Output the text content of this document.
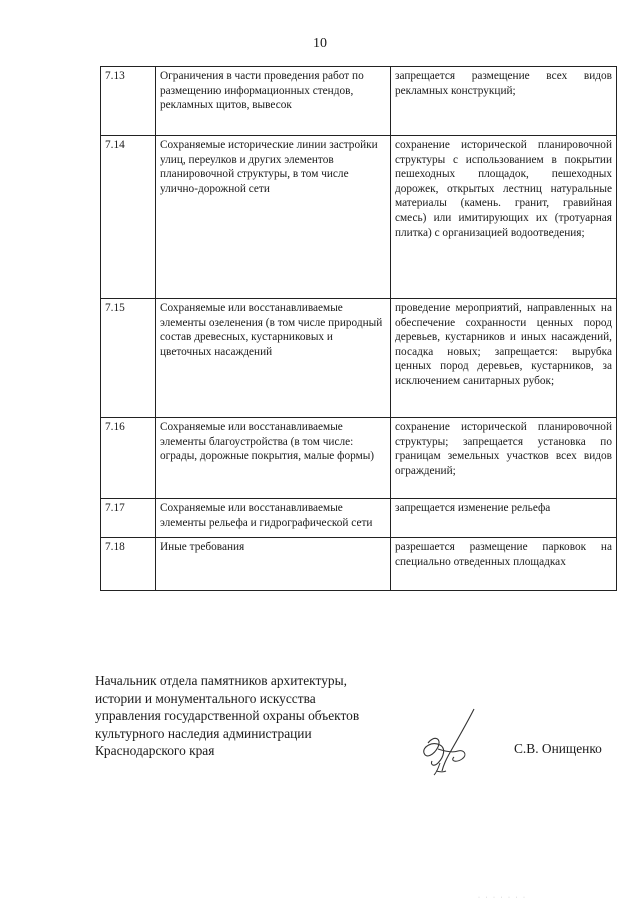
10
7.13	Ограничения в части проведения работ по размещению информационных стендов, рекламных щитов, вывесок	запрещается размещение всех видов рекламных конструкций;
7.14	Сохраняемые исторические линии застройки улиц, переулков и других элементов планировочной структуры, в том числе улично-дорожной сети	сохранение исторической планировочной структуры с использованием в покрытии пешеходных площадок, пешеходных дорожек, открытых лестниц натуральные материалы (камень. гранит, гравийная смесь) или имитирующих их (тротуарная плитка) с организацией водоотведения;
7.15	Сохраняемые или восстанавливаемые элементы озеленения (в том числе природный состав древесных, кустарниковых и цветочных насаждений	проведение мероприятий, направленных на обеспечение сохранности ценных пород деревьев, кустарников и иных насаждений, посадка новых; запрещается: вырубка ценных пород деревьев, кустарников, за исключением санитарных рубок;
7.16	Сохраняемые или восстанавливаемые элементы благоустройства (в том числе: ограды, дорожные покрытия, малые формы)	сохранение исторической планировочной структуры; запрещается установка по границам земельных участков всех видов ограждений;
7.17	Сохраняемые или восстанавливаемые элементы рельефа и гидрографической сети	запрещается изменение рельефа
7.18	Иные требования	разрешается размещение парковок на специально отведенных площадках
Начальник отдела памятников архитектуры,
истории и монументального искусства
управления государственной охраны объектов
культурного наследия администрации
Краснодарского края	С.В. Онищенко
· · · · · · ·
